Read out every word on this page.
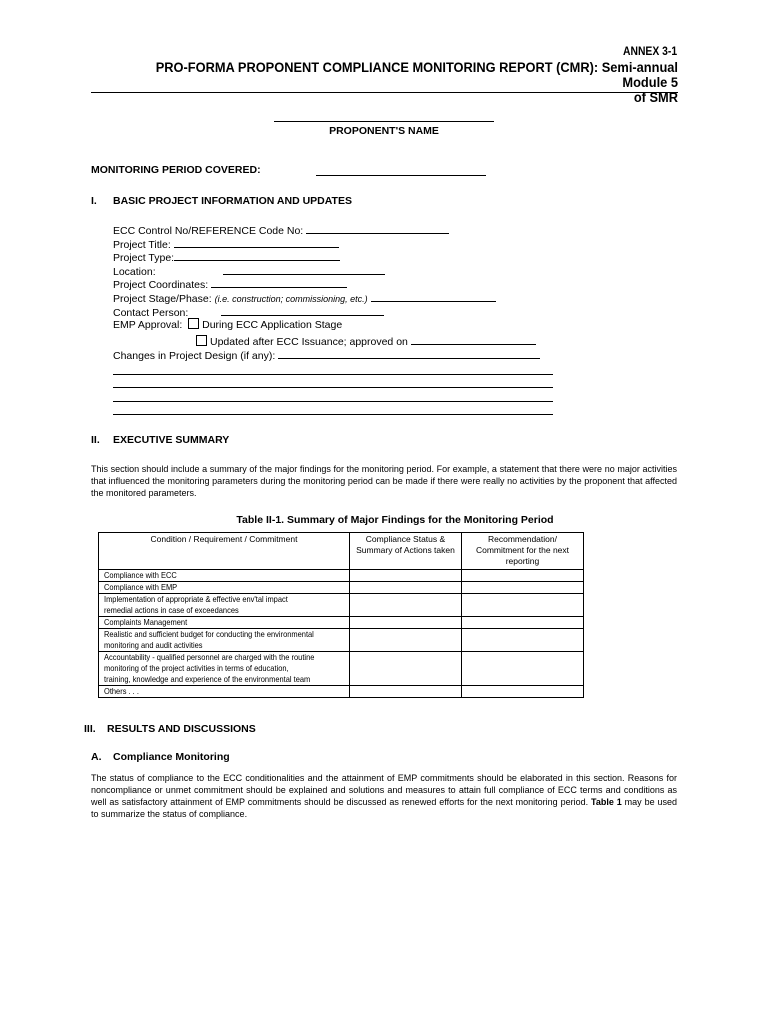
ANNEX 3-1
PRO-FORMA PROPONENT COMPLIANCE MONITORING REPORT (CMR): Semi-annual Module 5
of SMR
PROPONENT'S NAME
MONITORING PERIOD COVERED:
I. BASIC PROJECT INFORMATION AND UPDATES
ECC Control No/REFERENCE Code No:
Project Title:
Project Type:
Location:
Project Coordinates:
Project Stage/Phase: (i.e. construction; commissioning, etc.)
Contact Person:
EMP Approval: During ECC Application Stage
Updated after ECC Issuance; approved on
Changes in Project Design (if any):
II. EXECUTIVE SUMMARY
This section should include a summary of the major findings for the monitoring period. For example, a statement that there were no major activities that influenced the monitoring parameters during the monitoring period can be made if there were really no activities by the proponent that affected the monitored parameters.
Table II-1. Summary of Major Findings for the Monitoring Period
Condition / Requirement / Commitment	Compliance Status & Summary of Actions taken	Recommendation/ Commitment for the next reporting

Compliance with ECC		

Compliance with EMP		

Implementation of appropriate & effective env'tal impact remedial actions in case of exceedances		

Complaints Management		

Realistic and sufficient budget for conducting the environmental monitoring and audit activities		

Accountability - qualified personnel are charged with the routine monitoring of the project activities in terms of education, training, knowledge and experience of the environmental team		

Others . . .		

III. RESULTS AND DISCUSSIONS
A. Compliance Monitoring
The status of compliance to the ECC conditionalities and the attainment of EMP commitments should be elaborated in this section. Reasons for noncompliance or unmet commitment should be explained and solutions and measures to attain full compliance of ECC terms and conditions as well as satisfactory attainment of EMP commitments should be discussed as renewed efforts for the next monitoring period. Table 1 may be used to summarize the status of compliance.
